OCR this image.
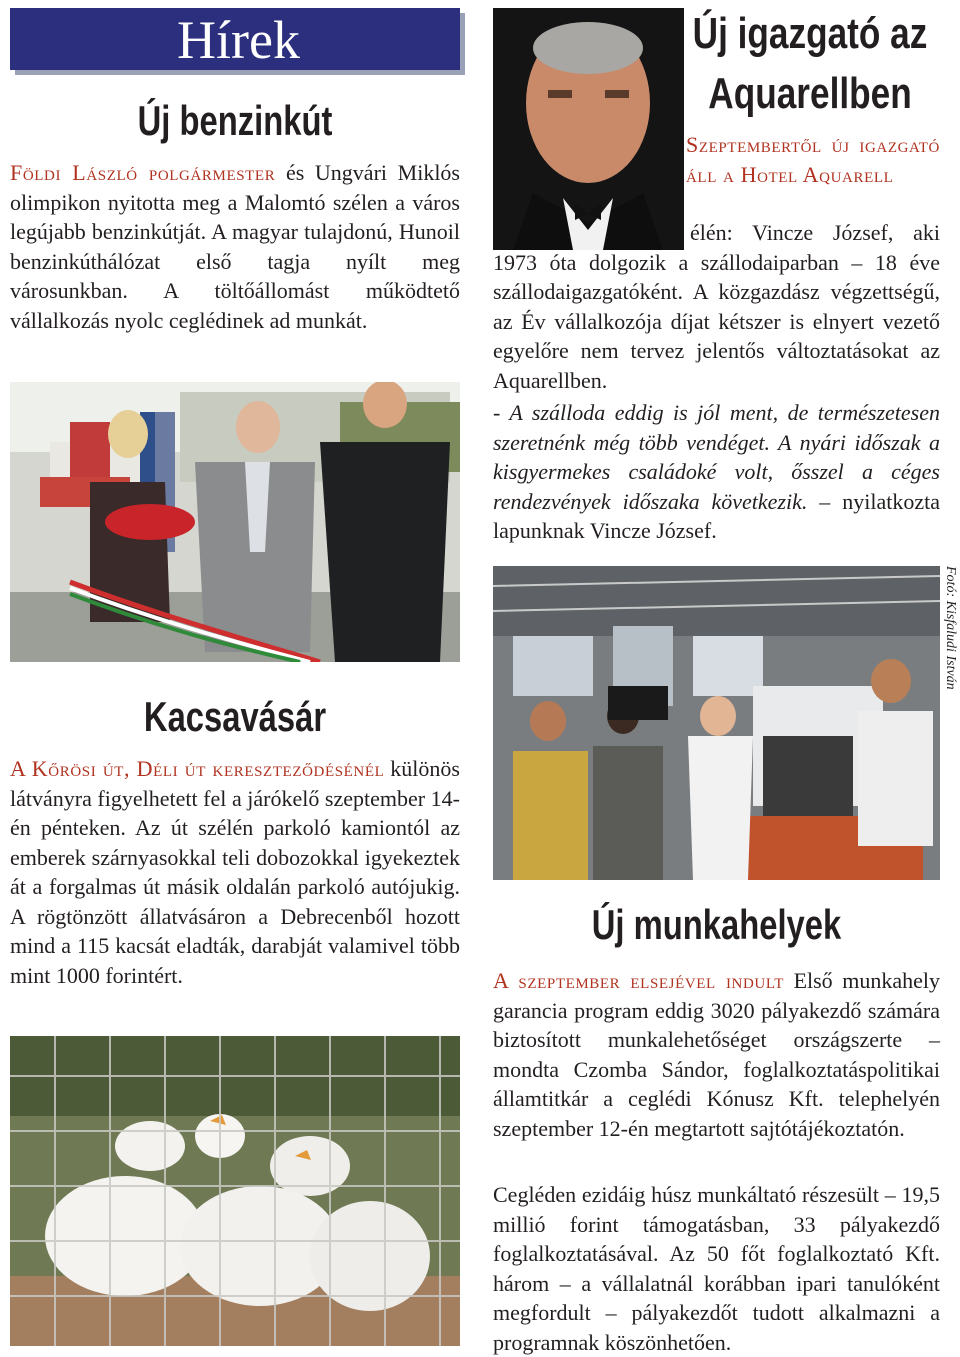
Hírek
Új benzinkút
Földi László polgármester és Ungvári Miklós olimpikon nyitotta meg a Malomtó szélen a város legújabb benzinkútját. A magyar tulajdonú, Hunoil benzinkúthálózat első tagja nyílt meg városunkban. A töltőállomást működtető vállalkozás nyolc ceglédinek ad munkát.
Új igazgató az
Aquarellben
Szeptembertől új igazgató áll a Hotel Aquarell
élén: Vincze József, aki 1973 óta dolgozik a szállodaiparban – 18 éve szállodaigazgatóként. A közgazdász végzettségű, az Év vállalkozója díjat kétszer is elnyert vezető egyelőre nem tervez jelentős változtatásokat az Aquarellben.
- A szálloda eddig is jól ment, de természetesen szeretnénk még több vendéget. A nyári időszak a kisgyermekes családoké volt, ősszel a céges rendezvények időszaka következik. – nyilatkozta lapunknak Vincze József.
Fotó: Kisfaludi István
Kacsavásár
A Kőrösi út, Déli út kereszteződésénél különös látványra figyelhetett fel a járókelő szeptember 14-én pénteken. Az út szélén parkoló kamiontól az emberek szárnyasokkal teli dobozokkal igyekeztek át a forgalmas út másik oldalán parkoló autójukig. A rögtönzött állatvásáron a Debrecenből hozott mind a 115 kacsát eladták, darabját valamivel több mint 1000 forintért.
Új munkahelyek
A szeptember elsejével indult Első munkahely garancia program eddig 3020 pályakezdő számára biztosított munkalehetőséget országszerte – mondta Czomba Sándor, foglalkoztatáspolitikai államtitkár a ceglédi Kónusz Kft. telephelyén szeptember 12-én megtartott sajtótájékoztatón.
Cegléden ezidáig húsz munkáltató részesült – 19,5 millió forint támogatásban, 33 pályakezdő foglalkoztatásával. Az 50 főt foglalkoztató Kft. három – a vállalatnál korábban ipari tanulóként megfordult – pályakezdőt tudott alkalmazni a programnak köszönhetően.
